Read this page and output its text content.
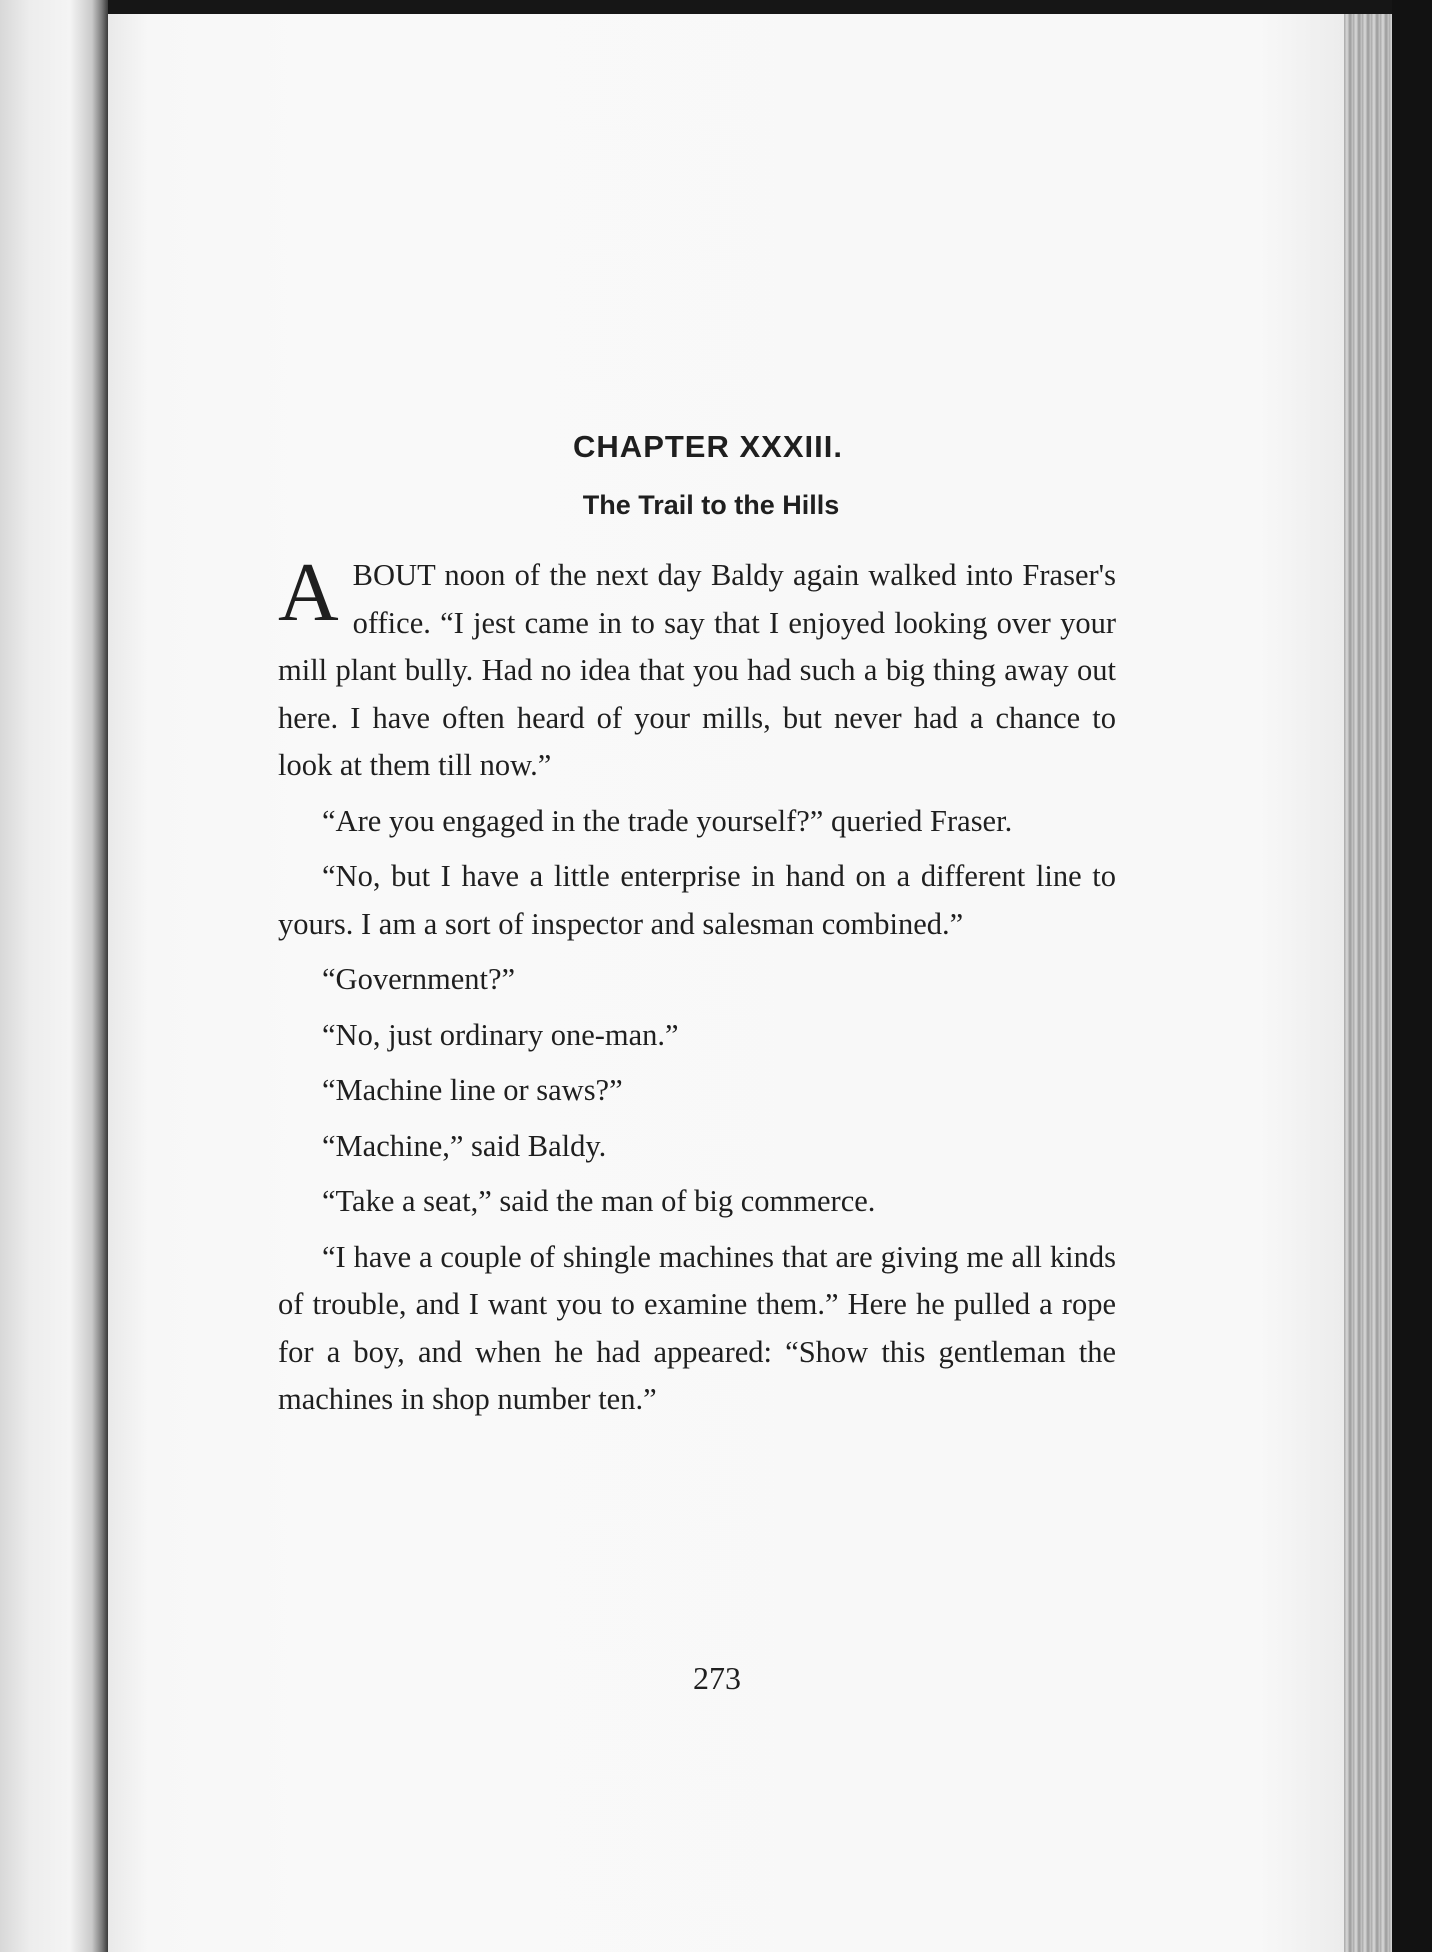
CHAPTER XXXIII.
The Trail to the Hills

ABOUT noon of the next day Baldy again walked into Fraser's office. “I jest came in to say that I enjoyed looking over your mill plant bully. Had no idea that you had such a big thing away out here. I have often heard of your mills, but never had a chance to look at them till now.”

“Are you engaged in the trade yourself?” queried Fraser.

“No, but I have a little enterprise in hand on a different line to yours. I am a sort of inspector and salesman combined.”

“Government?”

“No, just ordinary one-man.”

“Machine line or saws?”

“Machine,” said Baldy.

“Take a seat,” said the man of big commerce.

“I have a couple of shingle machines that are giving me all kinds of trouble, and I want you to examine them.” Here he pulled a rope for a boy, and when he had appeared: “Show this gentleman the machines in shop number ten.”

273
